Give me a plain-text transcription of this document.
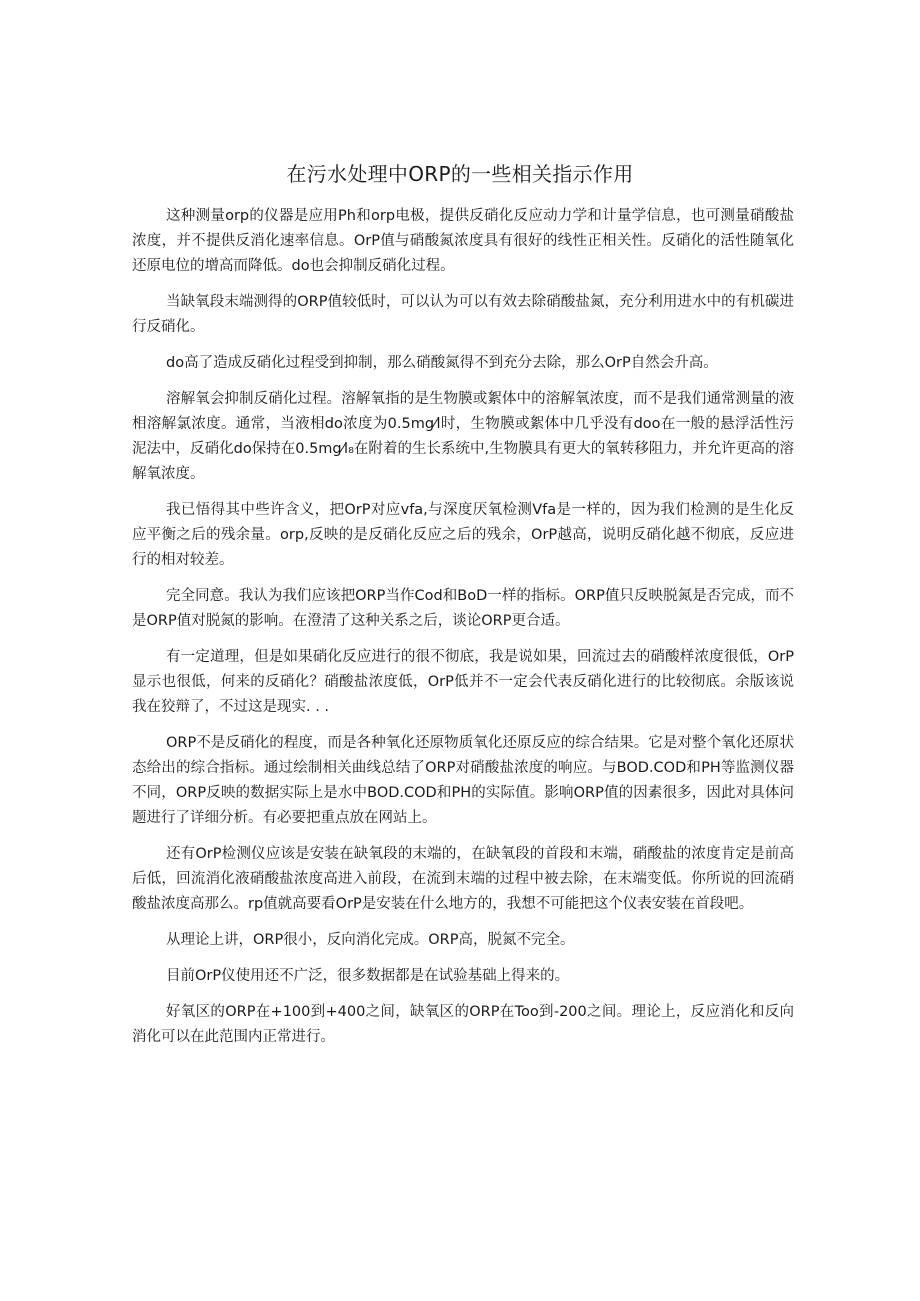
在污水处理中ORP的一些相关指示作用

这种测量orp的仪器是应用Ph和orp电极，提供反硝化反应动力学和计量学信息，也可测量硝酸盐浓度，并不提供反消化速率信息。OrP值与硝酸氮浓度具有很好的线性正相关性。反硝化的活性随氧化还原电位的增高而降低。do也会抑制反硝化过程。

当缺氧段末端测得的ORP值较低时，可以认为可以有效去除硝酸盐氮，充分利用进水中的有机碳进行反硝化。

do高了造成反硝化过程受到抑制，那么硝酸氮得不到充分去除，那么OrP自然会升高。

溶解氧会抑制反硝化过程。溶解氧指的是生物膜或絮体中的溶解氧浓度，而不是我们通常测量的液相溶解氯浓度。通常，当液相do浓度为0.5mg⁄l时，生物膜或絮体中几乎没有doo在一般的悬浮活性污泥法中，反硝化do保持在0.5mg⁄l₈在附着的生长系统中,生物膜具有更大的氧转移阻力，并允许更高的溶解氧浓度。

我已悟得其中些许含义，把OrP对应vfa,与深度厌氧检测Vfa是一样的，因为我们检测的是生化反应平衡之后的残余量。orp,反映的是反硝化反应之后的残余，OrP越高，说明反硝化越不彻底，反应进行的相对较差。

完全同意。我认为我们应该把ORP当作Cod和BoD一样的指标。ORP值只反映脱氮是否完成，而不是ORP值对脱氮的影响。在澄清了这种关系之后，谈论ORP更合适。

有一定道理，但是如果硝化反应进行的很不彻底，我是说如果，回流过去的硝酸样浓度很低，OrP显示也很低，何来的反硝化？硝酸盐浓度低，OrP低并不一定会代表反硝化进行的比较彻底。余版该说我在狡辩了，不过这是现实. . .

ORP不是反硝化的程度，而是各种氧化还原物质氧化还原反应的综合结果。它是对整个氧化还原状态给出的综合指标。通过绘制相关曲线总结了ORP对硝酸盐浓度的响应。与BOD.COD和PH等监测仪器不同，ORP反映的数据实际上是水中BOD.COD和PH的实际值。影响ORP值的因素很多，因此对具体问题进行了详细分析。有必要把重点放在网站上。

还有OrP检测仪应该是安装在缺氧段的末端的，在缺氧段的首段和末端，硝酸盐的浓度肯定是前高后低，回流消化液硝酸盐浓度高进入前段，在流到末端的过程中被去除，在末端变低。你所说的回流硝酸盐浓度高那么。rp值就高要看OrP是安装在什么地方的，我想不可能把这个仪表安装在首段吧。

从理论上讲，ORP很小，反向消化完成。ORP高，脱氮不完全。

目前OrP仪使用还不广泛，很多数据都是在试验基础上得来的。

好氧区的ORP在+100到+400之间，缺氧区的ORP在Too到-200之间。理论上，反应消化和反向消化可以在此范围内正常进行。
